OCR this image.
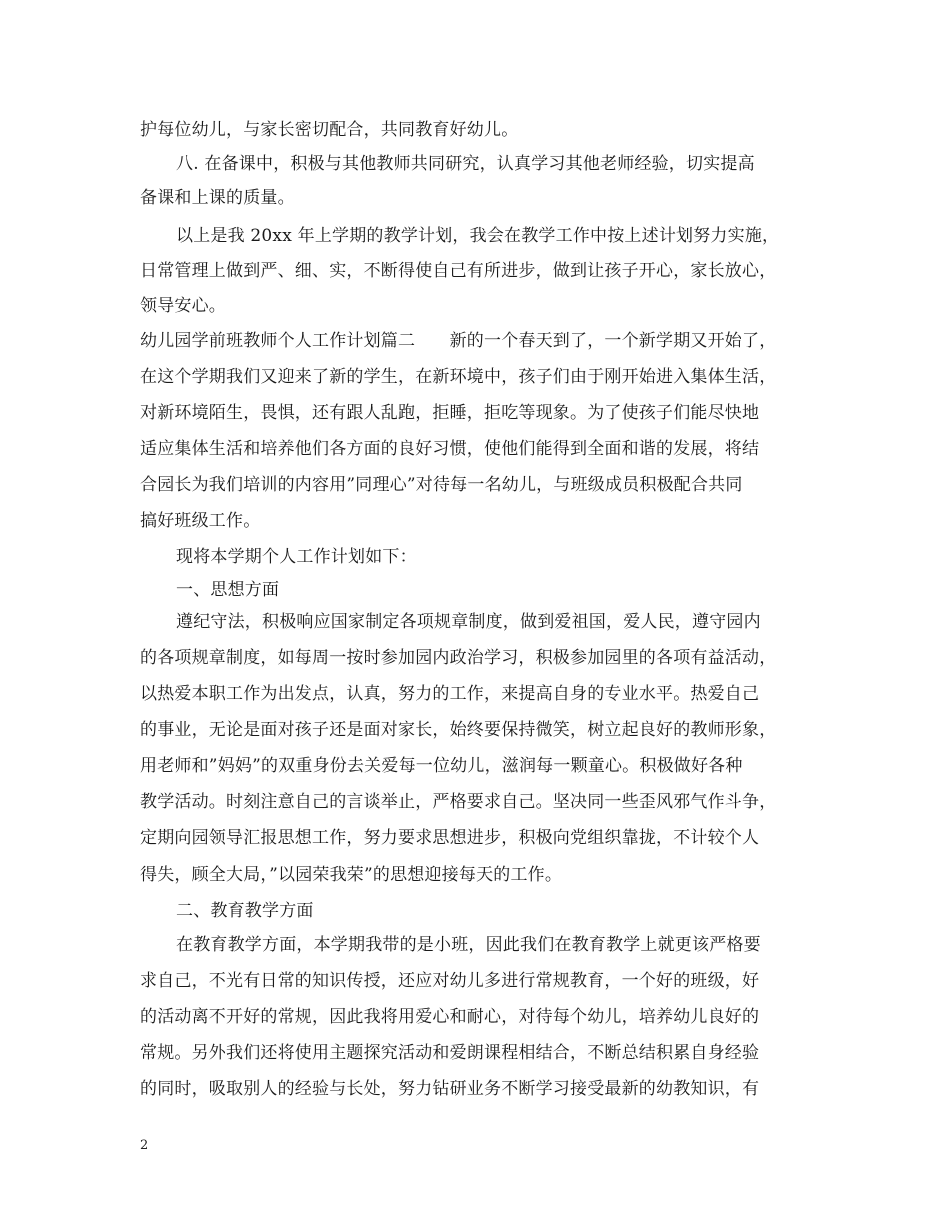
护每位幼儿，与家长密切配合，共同教育好幼儿。
八. 在备课中，积极与其他教师共同研究，认真学习其他老师经验，切实提高
备课和上课的质量。
以上是我 20xx 年上学期的教学计划，我会在教学工作中按上述计划努力实施，
日常管理上做到严、细、实，不断得使自己有所进步，做到让孩子开心，家长放心，
领导安心。
幼儿园学前班教师个人工作计划篇二　　新的一个春天到了，一个新学期又开始了，
在这个学期我们又迎来了新的学生，在新环境中，孩子们由于刚开始进入集体生活，
对新环境陌生，畏惧，还有跟人乱跑，拒睡，拒吃等现象。为了使孩子们能尽快地
适应集体生活和培养他们各方面的良好习惯，使他们能得到全面和谐的发展，将结
合园长为我们培训的内容用”同理心”对待每一名幼儿，与班级成员积极配合共同
搞好班级工作。
现将本学期个人工作计划如下：
一、思想方面
遵纪守法，积极响应国家制定各项规章制度，做到爱祖国，爱人民，遵守园内
的各项规章制度，如每周一按时参加园内政治学习，积极参加园里的各项有益活动，
以热爱本职工作为出发点，认真，努力的工作，来提高自身的专业水平。热爱自己
的事业，无论是面对孩子还是面对家长，始终要保持微笑，树立起良好的教师形象，
用老师和”妈妈”的双重身份去关爱每一位幼儿，滋润每一颗童心。积极做好各种
教学活动。时刻注意自己的言谈举止，严格要求自己。坚决同一些歪风邪气作斗争，
定期向园领导汇报思想工作，努力要求思想进步，积极向党组织靠拢，不计较个人
得失，顾全大局，”以园荣我荣”的思想迎接每天的工作。
二、教育教学方面
在教育教学方面，本学期我带的是小班，因此我们在教育教学上就更该严格要
求自己，不光有日常的知识传授，还应对幼儿多进行常规教育，一个好的班级，好
的活动离不开好的常规，因此我将用爱心和耐心，对待每个幼儿，培养幼儿良好的
常规。另外我们还将使用主题探究活动和爱朗课程相结合，不断总结积累自身经验
的同时，吸取别人的经验与长处，努力钻研业务不断学习接受最新的幼教知识，有
2
